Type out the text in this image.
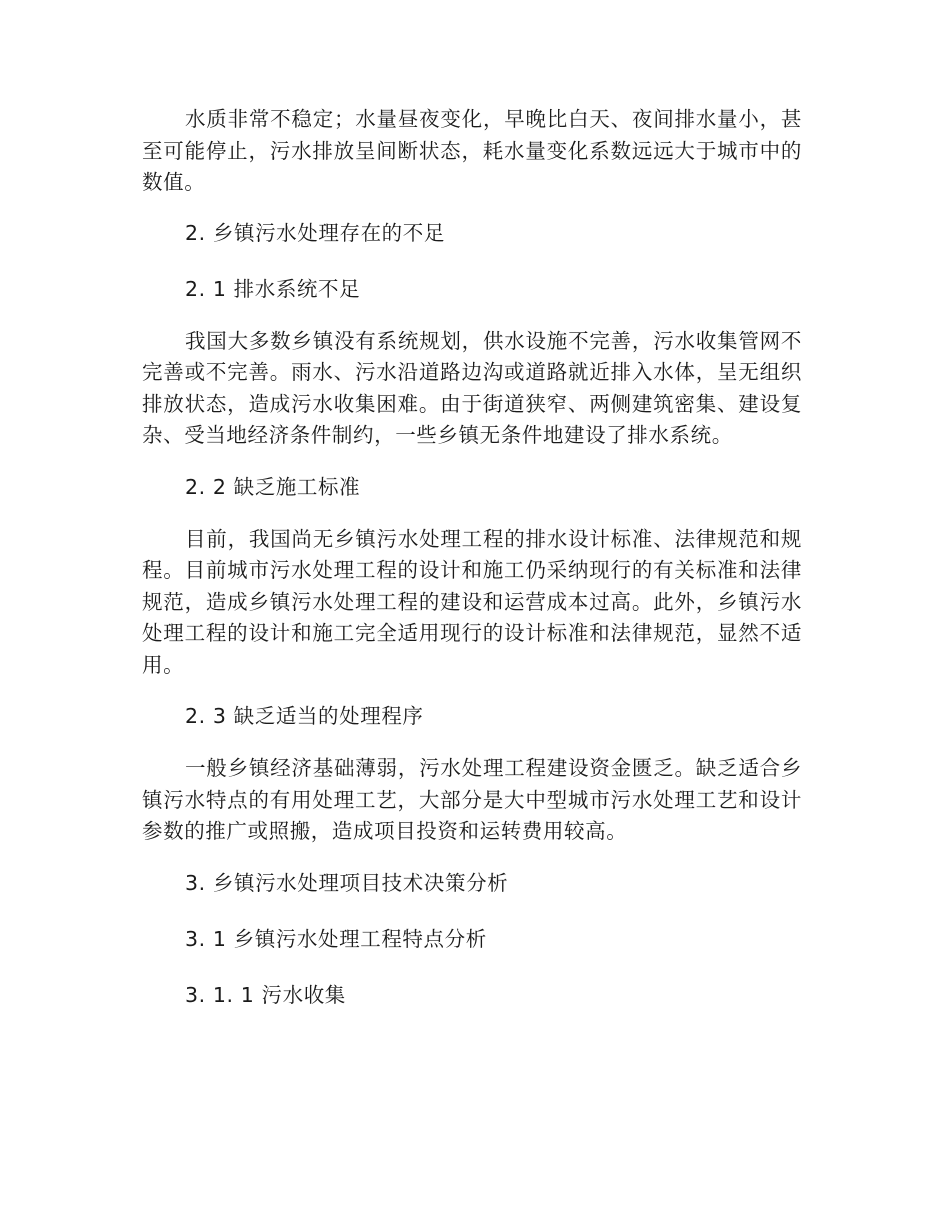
水质非常不稳定；水量昼夜变化，早晚比白天、夜间排水量小，甚至可能停止，污水排放呈间断状态，耗水量变化系数远远大于城市中的数值。

2. 乡镇污水处理存在的不足

2. 1 排水系统不足

我国大多数乡镇没有系统规划，供水设施不完善，污水收集管网不完善或不完善。雨水、污水沿道路边沟或道路就近排入水体，呈无组织排放状态，造成污水收集困难。由于街道狭窄、两侧建筑密集、建设复杂、受当地经济条件制约，一些乡镇无条件地建设了排水系统。

2. 2 缺乏施工标准

目前，我国尚无乡镇污水处理工程的排水设计标准、法律规范和规程。目前城市污水处理工程的设计和施工仍采纳现行的有关标准和法律规范，造成乡镇污水处理工程的建设和运营成本过高。此外，乡镇污水处理工程的设计和施工完全适用现行的设计标准和法律规范，显然不适用。

2. 3 缺乏适当的处理程序

一般乡镇经济基础薄弱，污水处理工程建设资金匮乏。缺乏适合乡镇污水特点的有用处理工艺，大部分是大中型城市污水处理工艺和设计参数的推广或照搬，造成项目投资和运转费用较高。

3. 乡镇污水处理项目技术决策分析

3. 1 乡镇污水处理工程特点分析

3. 1. 1 污水收集
